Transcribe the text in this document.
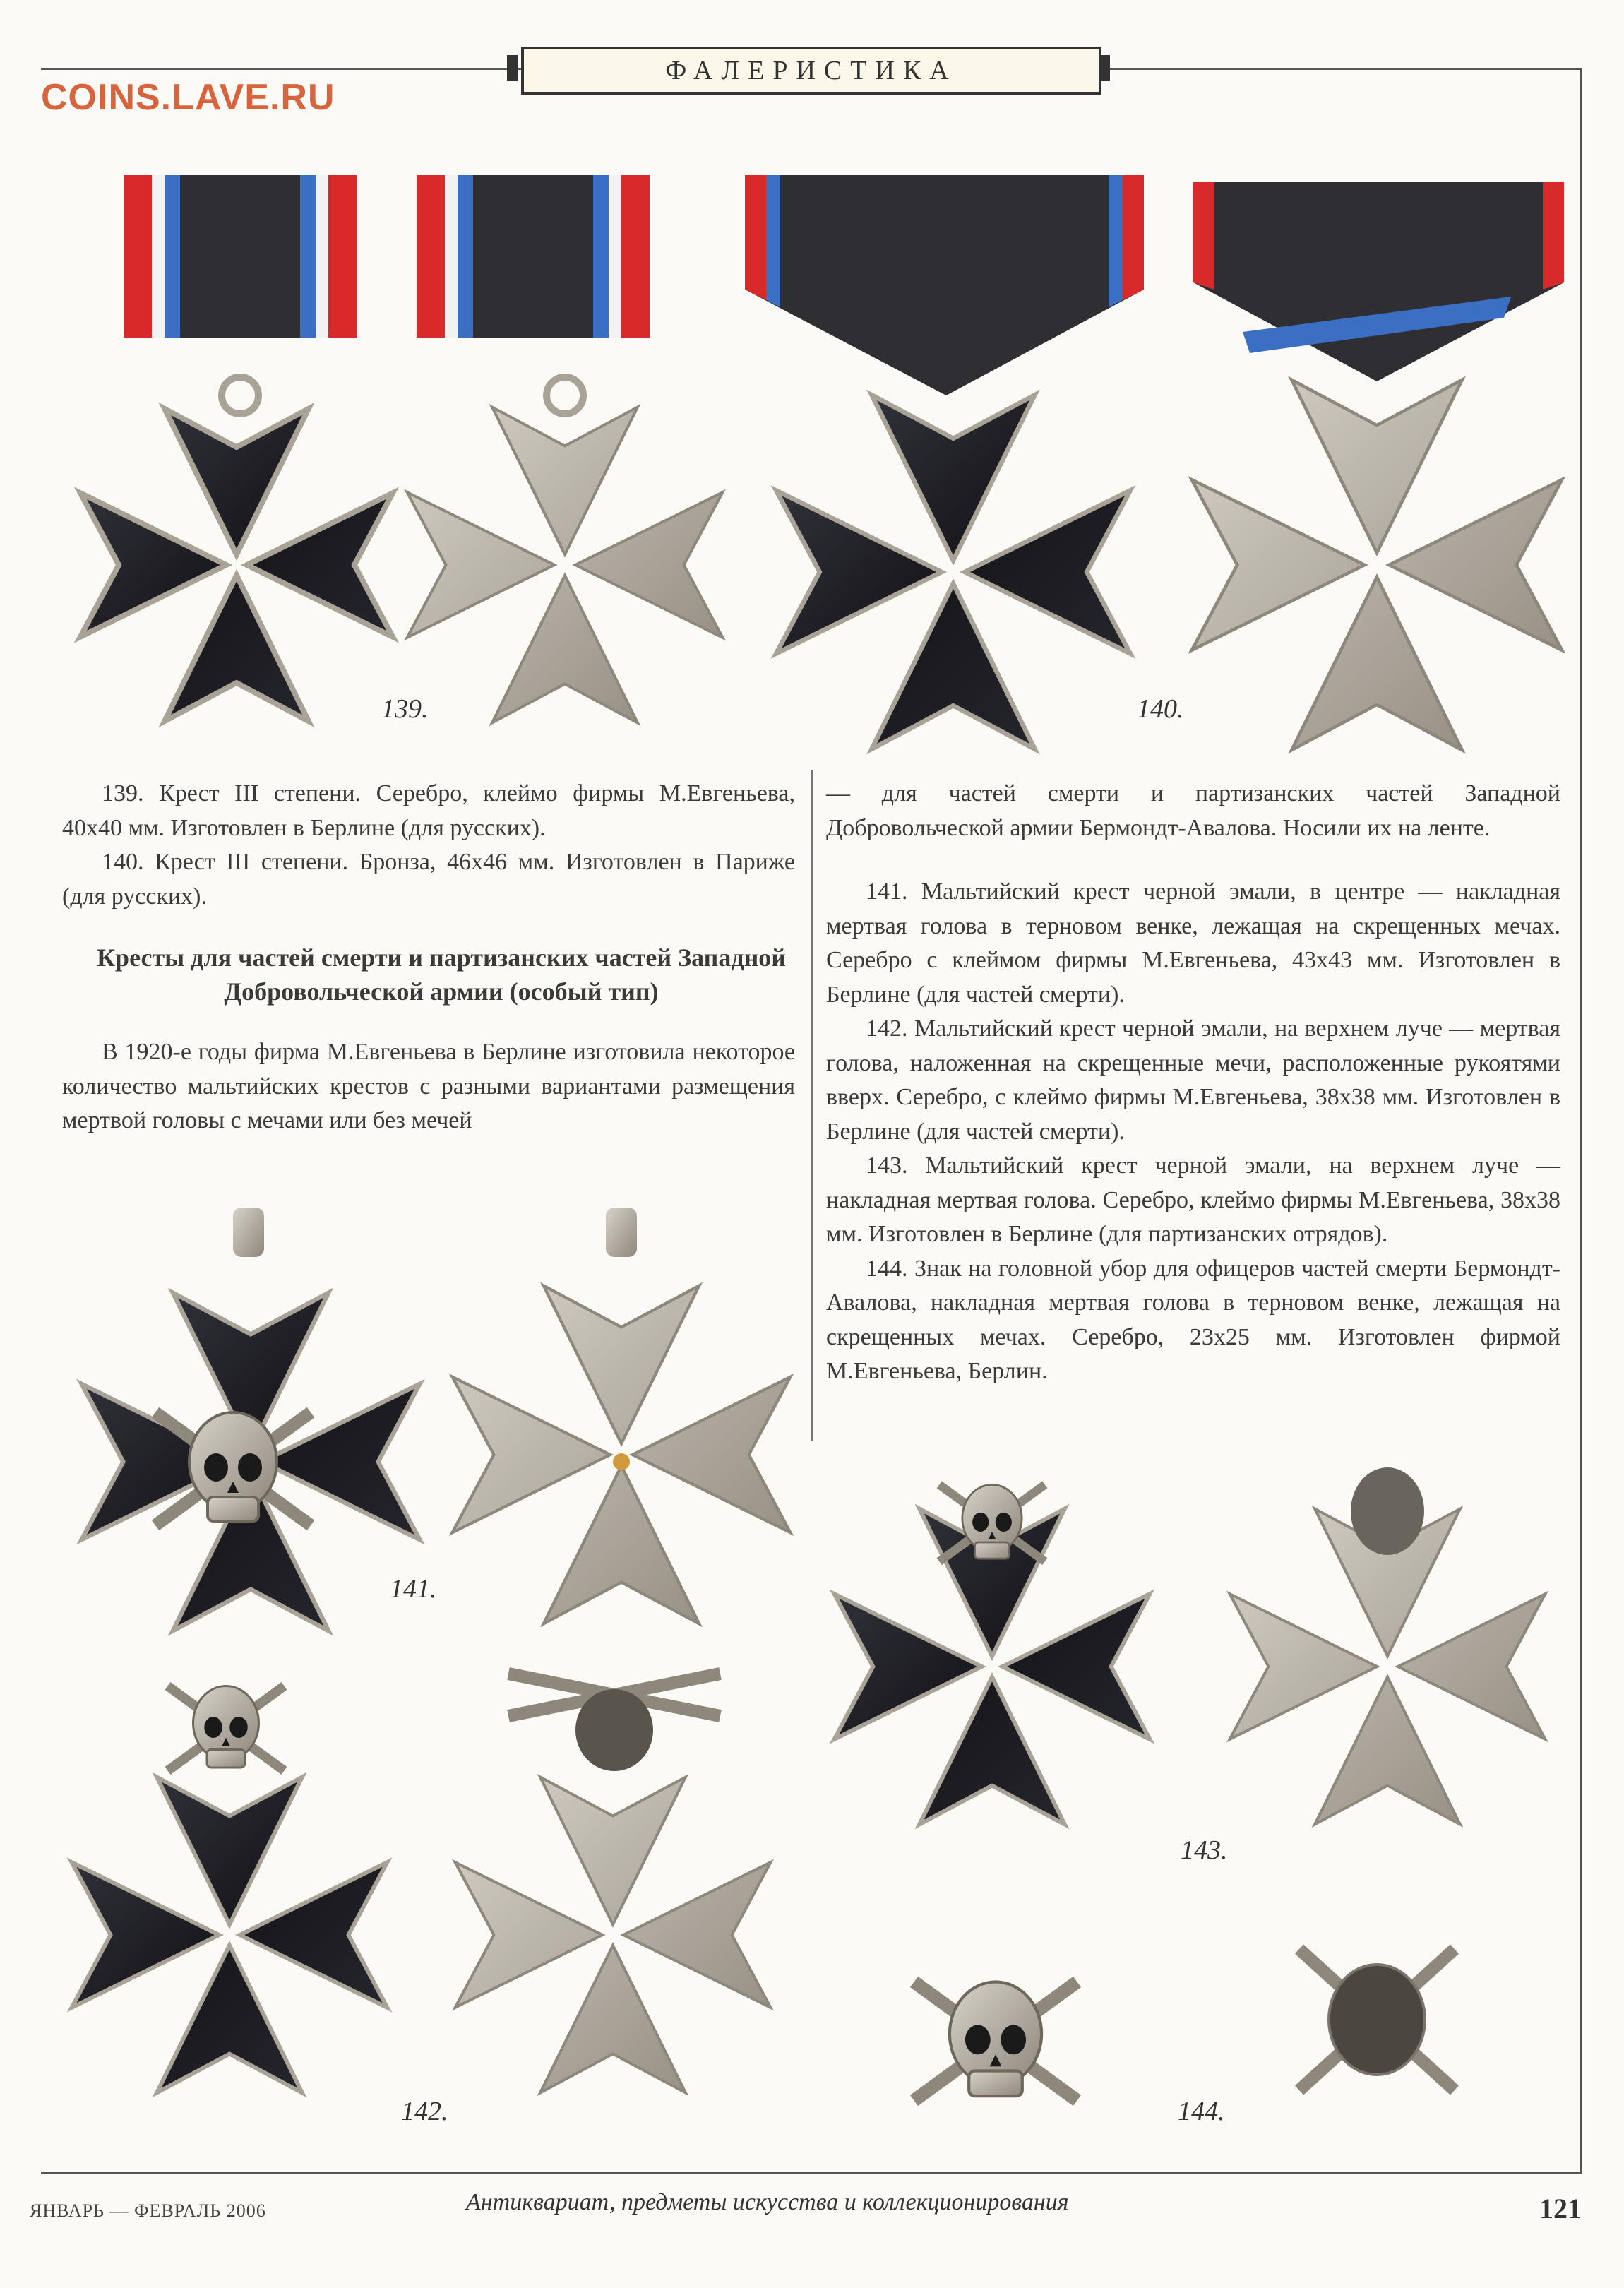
COINS.LAVE.RU
ФАЛЕРИСТИКА
139.	140.
141.
142.
143.
144.

139. Крест III степени. Серебро, клеймо фирмы М.Евгеньева, 40х40 мм. Изготовлен в Берлине (для русских).

140. Крест III степени. Бронза, 46х46 мм. Изготовлен в Париже (для русских).

Кресты для частей смерти и партизанских частей Западной Добровольческой армии (особый тип)

В 1920-е годы фирма М.Евгеньева в Берлине изготовила некоторое количество мальтийских крестов с разными вариантами размещения мертвой головы с мечами или без мечей

— для частей смерти и партизанских частей Западной Добровольческой армии Бермондт-Авалова. Носили их на ленте.

141. Мальтийский крест черной эмали, в центре — накладная мертвая голова в терновом венке, лежащая на скрещенных мечах. Серебро с клеймом фирмы М.Евгеньева, 43х43 мм. Изготовлен в Берлине (для частей смерти).

142. Мальтийский крест черной эмали, на верхнем луче — мертвая голова, наложенная на скрещенные мечи, расположенные рукоятями вверх. Серебро, с клеймо фирмы М.Евгеньева, 38х38 мм. Изготовлен в Берлине (для частей смерти).

143. Мальтийский крест черной эмали, на верхнем луче — накладная мертвая голова. Серебро, клеймо фирмы М.Евгеньева, 38х38 мм. Изготовлен в Берлине (для партизанских отрядов).

144. Знак на головной убор для офицеров частей смерти Бермондт-Авалова, накладная мертвая голова в терновом венке, лежащая на скрещенных мечах. Серебро, 23х25 мм. Изготовлен фирмой М.Евгеньева, Берлин.

ЯНВАРЬ — ФЕВРАЛЬ 2006	Антиквариат, предметы искусства и коллекционирования	121
